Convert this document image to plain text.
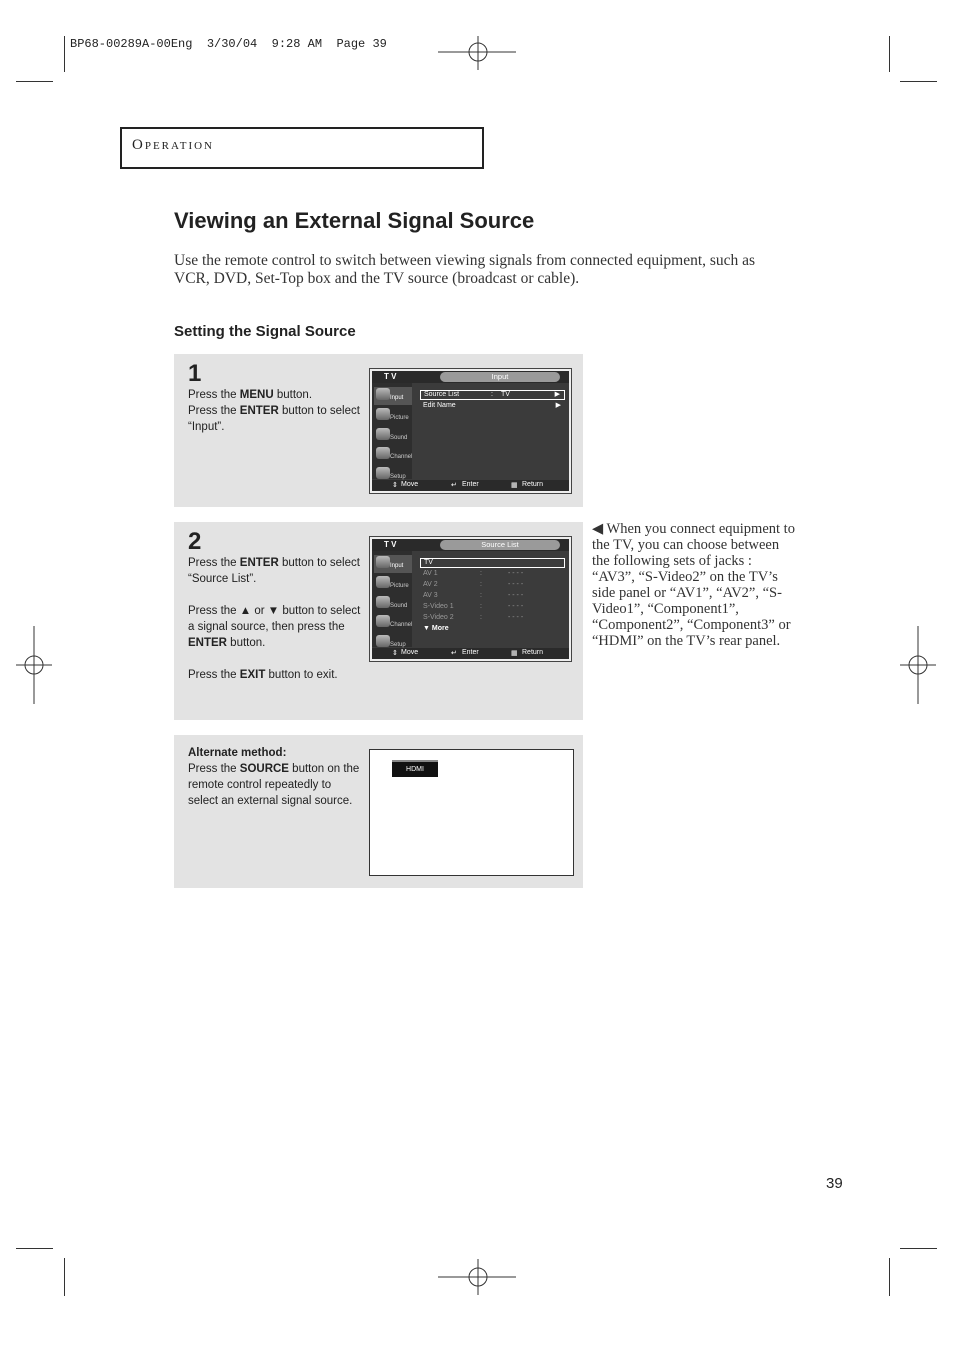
BP68-00289A-00Eng  3/30/04  9:28 AM  Page 39
Operation
Viewing an External Signal Source
Use the remote control to switch between viewing signals from connected equipment, such as VCR, DVD, Set-Top box and the TV source (broadcast or cable).
Setting the Signal Source
1
Press the MENU button.
Press the ENTER button to select “Input”.
T V	Input
Input
Picture
Sound
Channel
Setup
Source List	: TV	▶
Edit Name	▶
⇕ Move	↵ Enter	▦ Return
2
Press the ENTER button to select “Source List”.
Press the ▲ or ▼ button to select a signal source, then press the ENTER button.
Press the EXIT button to exit.
T V	Source List
Input
Picture
Sound
Channel
Setup
TV
AV 1	:	- - - -
AV 2	:	- - - -
AV 3	:	- - - -
S-Video 1	:	- - - -
S-Video 2	:	- - - -
▼ More
⇕ Move	↵ Enter	▦ Return
Alternate method:
Press the SOURCE button on the remote control repeatedly to select an external signal source.
HDMI
◀ When you connect equipment to the TV, you can choose between the following sets of jacks : “AV3”, “S-Video2” on the TV’s side panel or “AV1”, “AV2”, “S-Video1”, “Component1”, “Component2”, “Component3” or “HDMI” on the TV’s rear panel.
39
